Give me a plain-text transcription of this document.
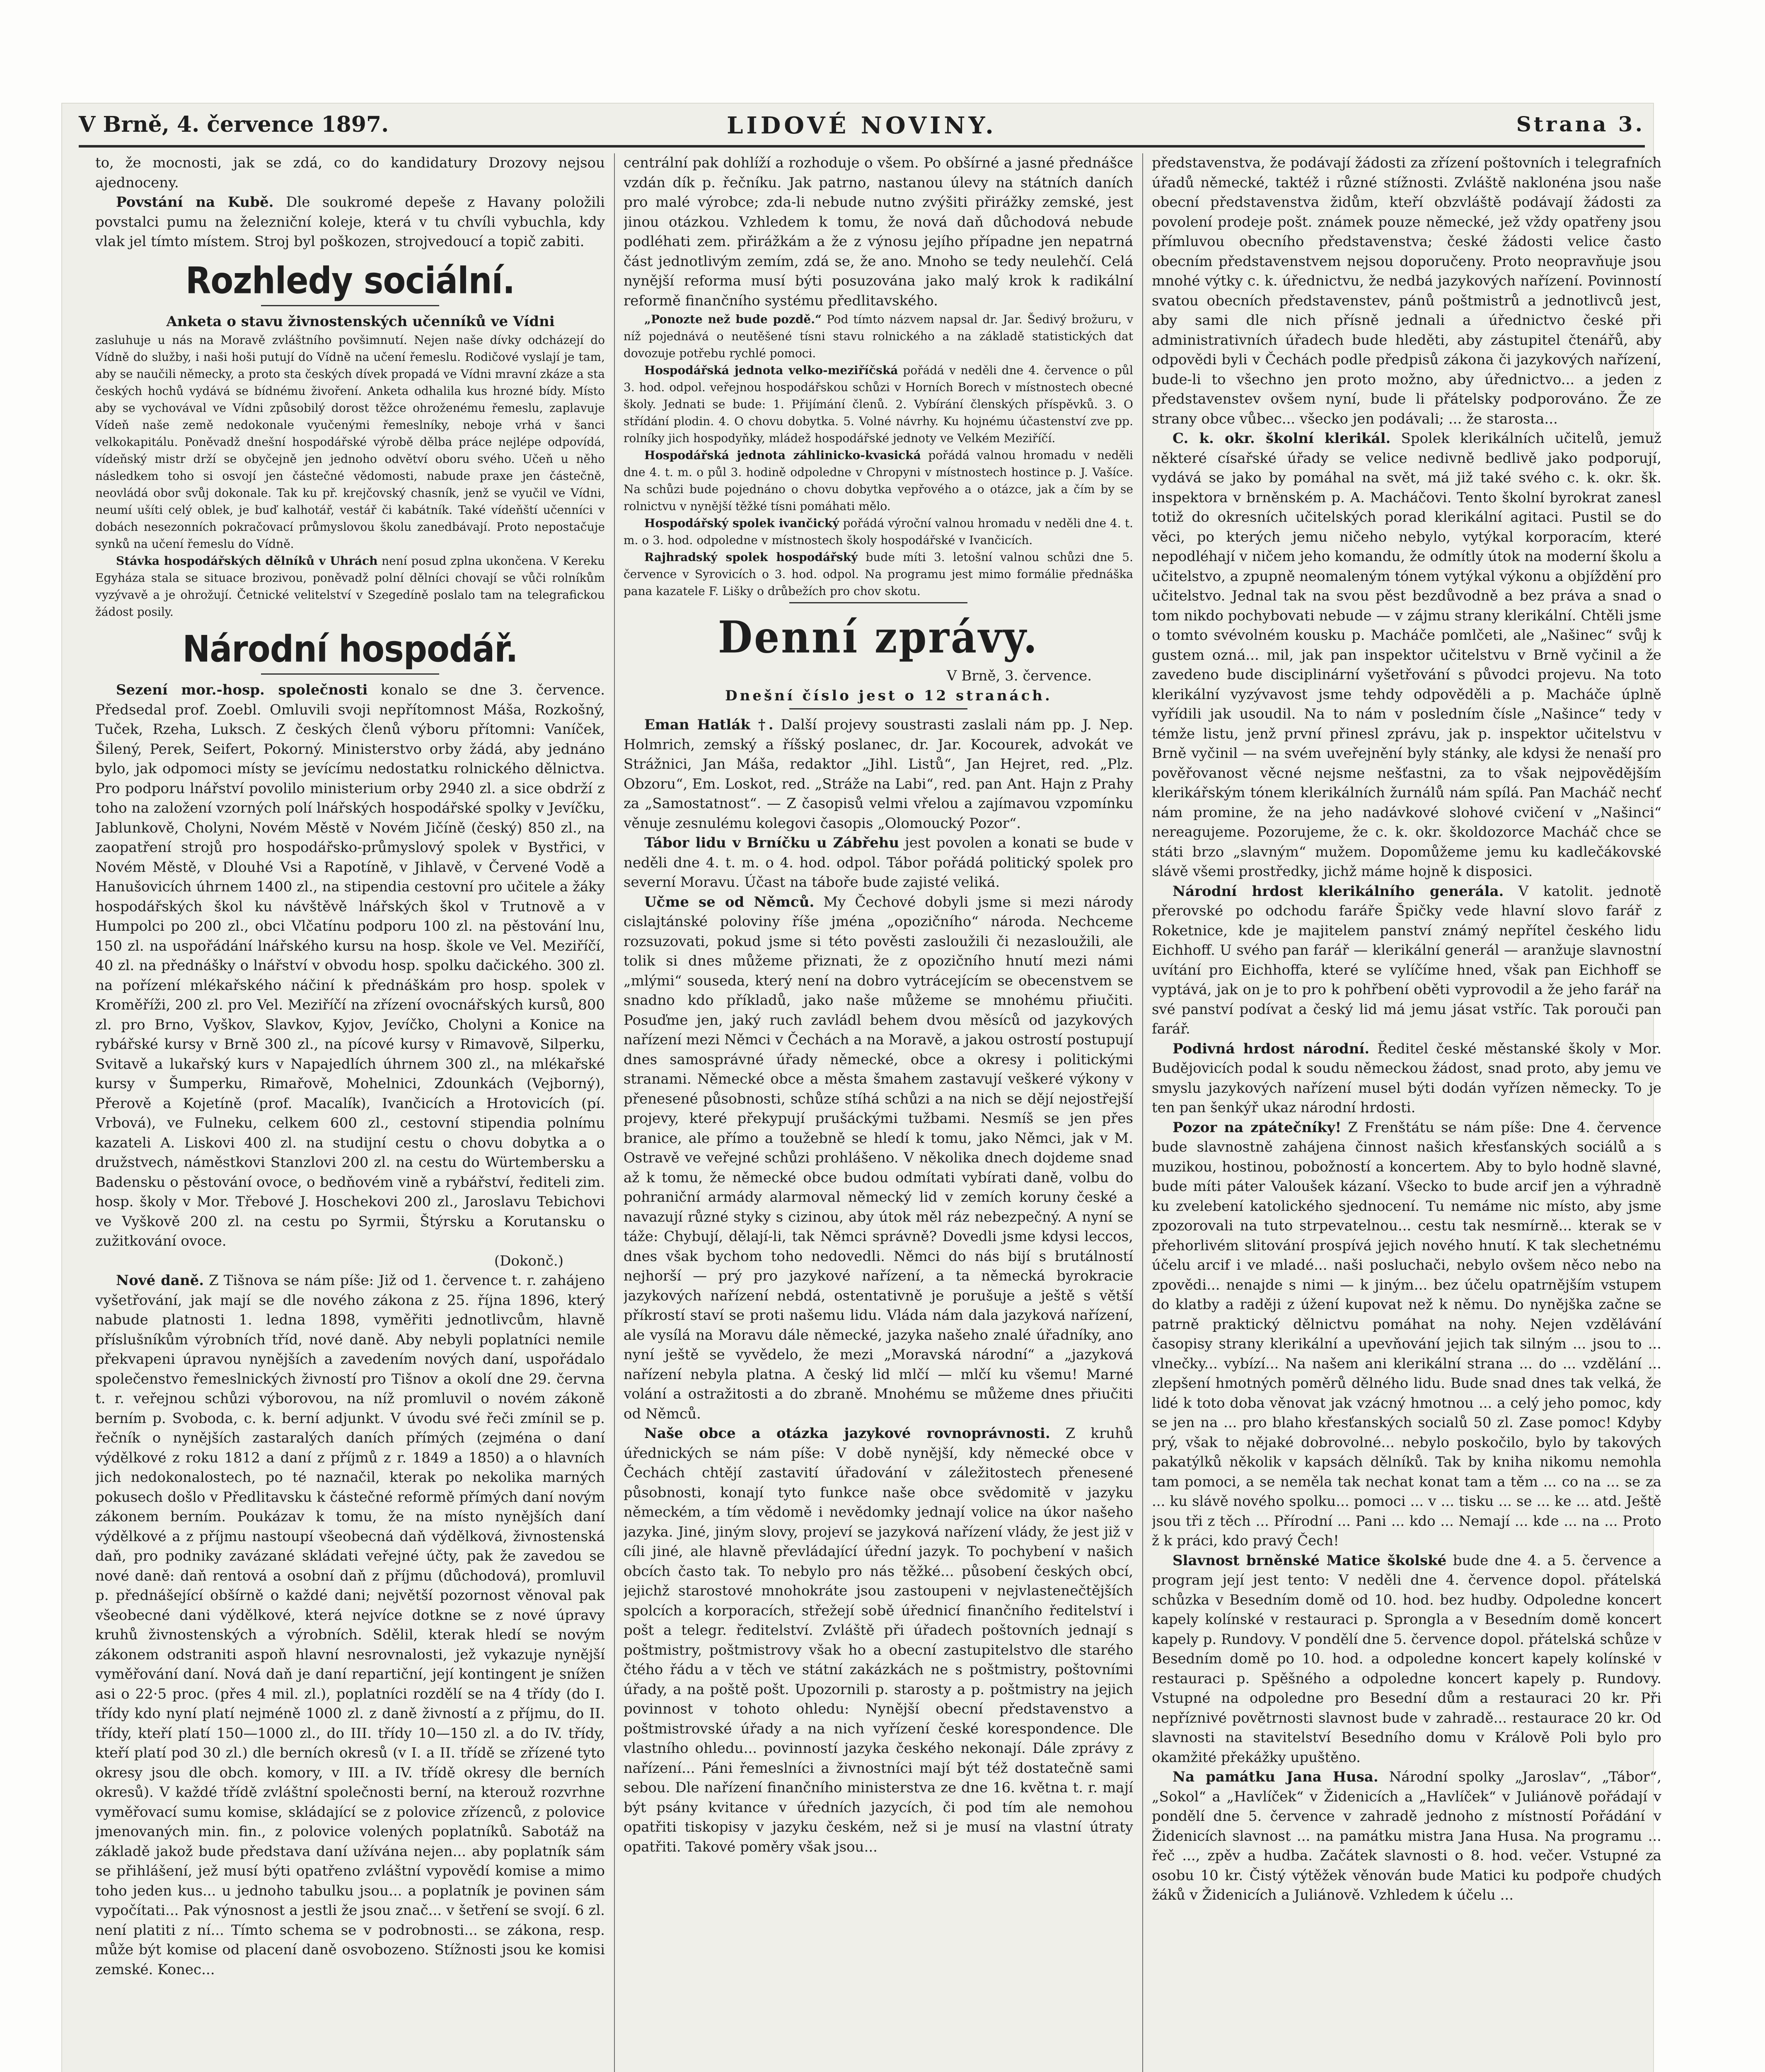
V Brně, 4. července 1897.	LIDOVÉ NOVINY.	Strana 3.

to, že mocnosti, jak se zdá, co do kandidatury Drozovy nejsou ajednoceny.

Povstání na Kubě. Dle soukromé depeše z Havany položili povstalci pumu na železniční koleje, která v tu chvíli vybuchla, kdy vlak jel tímto místem. Stroj byl poškozen, strojvedoucí a topič zabiti.

Rozhledy sociální.

Anketa o stavu živnostenských učenníků ve Vídni

zasluhuje u nás na Moravě zvláštního povšimnutí. Nejen naše dívky odcházejí do Vídně do služby, i naši hoši putují do Vídně na učení řemeslu. Rodičové vyslají je tam, aby se naučili německy, a proto sta českých dívek propadá ve Vídni mravní zkáze a sta českých hochů vydává se bídnému živoření. Anketa odhalila kus hrozné bídy. Místo aby se vychovával ve Vídni způsobilý dorost těžce ohroženému řemeslu, zaplavuje Vídeň naše země nedokonale vyučenými řemeslníky, neboje vrhá v šanci velkokapitálu. Poněvadž dnešní hospodářské výrobě dělba práce nejlépe odpovídá, vídeňský mistr drží se obyčejně jen jednoho odvětví oboru svého. Učeň u něho následkem toho si osvojí jen částečné vědomosti, nabude praxe jen částečně, neovládá obor svůj dokonale. Tak ku př. krejčovský chasník, jenž se vyučil ve Vídni, neumí ušíti celý oblek, je buď kalhotář, vestář či kabátník. Také vídeňští učenníci v dobách nesezonních pokračovací průmyslovou školu zanedbávají. Proto nepostačuje synků na učení řemeslu do Vídně.

Stávka hospodářských dělníků v Uhrách není posud zplna ukončena. V Kereku Egyháza stala se situace brozivou, poněvadž polní dělníci chovají se vůči rolníkům vyzývavě a je ohrožují. Četnické velitelství v Szegedíně poslalo tam na telegrafickou žádost posily.

Národní hospodář.

Sezení mor.-hosp. společnosti konalo se dne 3. července. Předsedal prof. Zoebl. Omluvili svoji nepřítomnost Máša, Rozkošný, Tuček, Rzeha, Luksch. Z českých členů výboru přítomni: Vaníček, Šilený, Perek, Seifert, Pokorný. Ministerstvo orby žádá, aby jednáno bylo, jak odpomoci místy se jevícímu nedostatku rolnického dělnictva. Pro podporu lnářství povolilo ministerium orby 2940 zl. a sice obdrží z toho na založení vzorných polí lnářských hospodářské spolky v Jevíčku, Jablunkově, Cholyni, Novém Městě v Novém Jičíně (český) 850 zl., na zaopatření strojů pro hospodářsko-průmyslový spolek v Bystřici, v Novém Městě, v Dlouhé Vsi a Rapotíně, v Jihlavě, v Červené Vodě a Hanušovicích úhrnem 1400 zl., na stipendia cestovní pro učitele a žáky hospodářských škol ku návštěvě lnářských škol v Trutnově a v Humpolci po 200 zl., obci Vlčatínu podporu 100 zl. na pěstování lnu, 150 zl. na uspořádání lnářského kursu na hosp. škole ve Vel. Meziříčí, 40 zl. na přednášky o lnářství v obvodu hosp. spolku dačického. 300 zl. na pořízení mlékařského náčiní k přednáškám pro hosp. spolek v Kroměříži, 200 zl. pro Vel. Meziříčí na zřízení ovocnářských kursů, 800 zl. pro Brno, Vyškov, Slavkov, Kyjov, Jevíčko, Cholyni a Konice na rybářské kursy v Brně 300 zl., na pícové kursy v Rimavově, Silperku, Svitavě a lukařský kurs v Napajedlích úhrnem 300 zl., na mlékařské kursy v Šumperku, Rimařově, Mohelnici, Zdounkách (Vejborný), Přerově a Kojetíně (prof. Macalík), Ivančicích a Hrotovicích (pí. Vrbová), ve Fulneku, celkem 600 zl., cestovní stipendia polnímu kazateli A. Liskovi 400 zl. na studijní cestu o chovu dobytka a o družstvech, náměstkovi Stanzlovi 200 zl. na cestu do Würtembersku a Badensku o pěstování ovoce, o bedňovém vině a rybářství, řediteli zim. hosp. školy v Mor. Třebové J. Hoschekovi 200 zl., Jaroslavu Tebichovi ve Vyškově 200 zl. na cestu po Syrmii, Štýrsku a Korutansku o zužitkování ovoce.

(Dokonč.)

Nové daně. Z Tišnova se nám píše: Již od 1. července t. r. zahájeno vyšetřování, jak mají se dle nového zákona z 25. října 1896, který nabude platnosti 1. ledna 1898, vyměřiti jednotlivcům, hlavně příslušníkům výrobních tříd, nové daně. Aby nebyli poplatníci nemile překvapeni úpravou nynějších a zavedením nových daní, uspořádalo společenstvo řemeslnických živností pro Tišnov a okolí dne 29. června t. r. veřejnou schůzi výborovou, na níž promluvil o novém zákoně berním p. Svoboda, c. k. berní adjunkt. V úvodu své řeči zmínil se p. řečník o nynějších zastaralých daních přímých (zejména o daní výdělkové z roku 1812 a daní z příjmů z r. 1849 a 1850) a o hlavních jich nedokonalostech, po té naznačil, kterak po nekolika marných pokusech došlo v Předlitavsku k částečné reformě přímých daní novým zákonem berním. Poukázav k tomu, že na místo nynějších daní výdělkové a z příjmu nastoupí všeobecná daň výdělková, živnostenská daň, pro podniky zavázané skládati veřejné účty, pak že zavedou se nové daně: daň rentová a osobní daň z příjmu (důchodová), promluvil p. přednášející obšírně o každé dani; největší pozornost věnoval pak všeobecné dani výdělkové, která nejvíce dotkne se z nové úpravy kruhů živnostenských a výrobních. Sdělil, kterak hledí se novým zákonem odstraniti aspoň hlavní nesrovnalosti, jež vykazuje nynější vyměřování daní. Nová daň je daní repartiční, její kontingent je snížen asi o 22·5 proc. (přes 4 mil. zl.), poplatníci rozdělí se na 4 třídy (do I. třídy kdo nyní platí nejméně 1000 zl. z daně živností a z příjmu, do II. třídy, kteří platí 150—1000 zl., do III. třídy 10—150 zl. a do IV. třídy, kteří platí pod 30 zl.) dle berních okresů (v I. a II. třídě se zřízené tyto okresy jsou dle obch. komory, v III. a IV. třídě okresy dle berních okresů). V každé třídě zvláštní společnosti berní, na kterouž rozvrhne vyměřovací sumu komise, skládající se z polovice zřízenců, z polovice jmenovaných min. fin., z polovice volených poplatníků. Sabotáž na základě jakož bude představa daní užívána nejen... aby poplatník sám se přihlášení, jež musí býti opatřeno zvláštní vypovědí komise a mimo toho jeden kus... u jednoho tabulku jsou... a poplatník je povinen sám vypočítati... Pak výnosnost a jestli že jsou znač... v šetření se svojí. 6 zl. není platiti z ní... Tímto schema se v podrobnosti... se zákona, resp. může být komise od placení daně osvobozeno. Stížnosti jsou ke komisi zemské. Konec...

centrální pak dohlíží a rozhoduje o všem. Po obšírné a jasné přednášce vzdán dík p. řečníku. Jak patrno, nastanou úlevy na státních daních pro malé výrobce; zda-li nebude nutno zvýšiti přirážky zemské, jest jinou otázkou. Vzhledem k tomu, že nová daň důchodová nebude podléhati zem. přirážkám a že z výnosu jejího případne jen nepatrná část jednotlivým zemím, zdá se, že ano. Mnoho se tedy neulehčí. Celá nynější reforma musí býti posuzována jako malý krok k radikální reformě finančního systému předlitavského.

„Ponozte než bude pozdě.“ Pod tímto názvem napsal dr. Jar. Šedivý brožuru, v níž pojednává o neutěšené tísni stavu rolnického a na základě statistických dat dovozuje potřebu rychlé pomoci.

Hospodářská jednota velko-meziříčská pořádá v neděli dne 4. července o půl 3. hod. odpol. veřejnou hospodářskou schůzi v Horních Borech v místnostech obecné školy. Jednati se bude: 1. Přijímání členů. 2. Vybírání členských příspěvků. 3. O střídání plodin. 4. O chovu dobytka. 5. Volné návrhy. Ku hojnému účastenství zve pp. rolníky jich hospodyňky, mládež hospodářské jednoty ve Velkém Meziříčí.

Hospodářská jednota záhlinicko-kvasická pořádá valnou hromadu v neděli dne 4. t. m. o půl 3. hodině odpoledne v Chropyni v místnostech hostince p. J. Vašíce. Na schůzi bude pojednáno o chovu dobytka vepřového a o otázce, jak a čím by se rolnictvu v nynější těžké tísni pomáhati mělo.

Hospodářský spolek ivančický pořádá výroční valnou hromadu v neděli dne 4. t. m. o 3. hod. odpoledne v místnostech školy hospodářské v Ivančicích.

Rajhradský spolek hospodářský bude míti 3. letošní valnou schůzi dne 5. července v Syrovicích o 3. hod. odpol. Na programu jest mimo formálie přednáška pana kazatele F. Lišky o drůbežích pro chov skotu.

Denní zprávy.

V Brně, 3. července.

Dnešní číslo jest o 12 stranách.

Eman Hatlák †. Další projevy soustrasti zaslali nám pp. J. Nep. Holmrich, zemský a říšský poslanec, dr. Jar. Kocourek, advokát ve Strážnici, Jan Máša, redaktor „Jihl. Listů“, Jan Hejret, red. „Plz. Obzoru“, Em. Loskot, red. „Stráže na Labi“, red. pan Ant. Hajn z Prahy za „Samostatnost“. — Z časopisů velmi vřelou a zajímavou vzpomínku věnuje zesnulému kolegovi časopis „Olomoucký Pozor“.

Tábor lidu v Brníčku u Zábřehu jest povolen a konati se bude v neděli dne 4. t. m. o 4. hod. odpol. Tábor pořádá politický spolek pro severní Moravu. Účast na táboře bude zajisté veliká.

Učme se od Němců. My Čechové dobyli jsme si mezi národy cislajtánské poloviny říše jména „opozičního“ národa. Nechceme rozsuzovati, pokud jsme si této pověsti zasloužili či nezasloužili, ale tolik si dnes můžeme přiznati, že z opozičního hnutí mezi námi „mlými“ souseda, který není na dobro vytrácejícím se obecenstvem se snadno kdo příkladů, jako naše můžeme se mnohému přiučiti. Posuďme jen, jaký ruch zavládl behem dvou měsíců od jazykových nařízení mezi Němci v Čechách a na Moravě, a jakou ostrostí postupují dnes samosprávné úřady německé, obce a okresy i politickými stranami. Německé obce a města šmahem zastavují veškeré výkony v přenesené působnosti, schůze stíhá schůzi a na nich se dějí nejostřejší projevy, které překypují prušáckými tužbami. Nesmíš se jen přes branice, ale přímo a toužebně se hledí k tomu, jako Němci, jak v M. Ostravě ve veřejné schůzi prohlášeno. V několika dnech dojdeme snad až k tomu, že německé obce budou odmítati vybírati daně, volbu do pohraniční armády alarmoval německý lid v zemích koruny české a navazují různé styky s cizinou, aby útok měl ráz nebezpečný. A nyní se táže: Chybují, dělají-li, tak Němci správně? Dovedli jsme kdysi leccos, dnes však bychom toho nedovedli. Němci do nás bijí s brutálností nejhorší — prý pro jazykové nařízení, a ta německá byrokracie jazykových nařízení nebdá, ostentativně je porušuje a ještě s větší příkrostí staví se proti našemu lidu. Vláda nám dala jazyková nařízení, ale vysílá na Moravu dále německé, jazyka našeho znalé úřadníky, ano nyní ještě se vyvědelo, že mezi „Moravská národní“ a „jazyková nařízení nebyla platna. A český lid mlčí — mlčí ku všemu! Marné volání a ostražitosti a do zbraně. Mnohému se můžeme dnes přiučiti od Němců.

Naše obce a otázka jazykové rovnoprávnosti. Z kruhů úřednických se nám píše: V době nynější, kdy německé obce v Čechách chtějí zastavití úřadování v záležitostech přenesené působnosti, konají tyto funkce naše obce svědomitě v jazyku německém, a tím vědomě i nevědomky jednají volice na úkor našeho jazyka. Jiné, jiným slovy, projeví se jazyková nařízení vlády, že jest již v cíli jiné, ale hlavně převládající úřední jazyk. To pochybení v našich obcích často tak. To nebylo pro nás těžké... působení českých obcí, jejichž starostové mnohokráte jsou zastoupeni v nejvlastenečtějších spolcích a korporacích, střežejí sobě úřednicí finančního ředitelství i pošt a telegr. ředitelství. Zvláště při úřadech poštovních jednají s poštmistry, poštmistrovy však ho a obecní zastupitelstvo dle starého čtého řádu a v těch ve státní zakázkách ne s poštmistry, poštovními úřady, a na poště pošt. Upozornili p. starosty a p. poštmistry na jejich povinnost v tohoto ohledu: Nynější obecní představenstvo a poštmistrovské úřady a na nich vyřízení české korespondence. Dle vlastního ohledu... povinností jazyka českého nekonají. Dále zprávy z nařízení... Páni řemeslníci a živnostníci mají být též dostatečně sami sebou. Dle nařízení finančního ministerstva ze dne 16. května t. r. mají být psány kvitance v úředních jazycích, či pod tím ale nemohou opatřiti tiskopisy v jazyku českém, než si je musí na vlastní útraty opatřiti. Takové poměry však jsou...

představenstva, že podávají žádosti za zřízení poštovních i telegrafních úřadů německé, taktéž i různé stížnosti. Zvláště naklonéna jsou naše obecní představenstva židům, kteří obzvláště podávají žádosti za povolení prodeje pošt. známek pouze německé, jež vždy opatřeny jsou přímluvou obecního představenstva; české žádosti velice často obecním představenstvem nejsou doporučeny. Proto neopravňuje jsou mnohé výtky c. k. úřednictvu, že nedbá jazykových nařízení. Povinností svatou obecních představenstev, pánů poštmistrů a jednotlivců jest, aby sami dle nich přísně jednali a úřednictvo české při administrativních úřadech bude hleděti, aby zástupitel čtenářů, aby odpovědi byli v Čechách podle předpisů zákona či jazykových nařízení, bude-li to všechno jen proto možno, aby úřednictvo... a jeden z představenstev ovšem nyní, bude li přátelsky podporováno. Že ze strany obce vůbec... všecko jen podávali; ... že starosta...

C. k. okr. školní klerikál. Spolek klerikálních učitelů, jemuž některé císařské úřady se velice nedivně bedlivě jako podporují, vydává se jako by pomáhal na svět, má již také svého c. k. okr. šk. inspektora v brněnském p. A. Macháčovi. Tento školní byrokrat zanesl totiž do okresních učitelských porad klerikální agitaci. Pustil se do věci, po kterých jemu ničeho nebylo, vytýkal korporacím, které nepodléhají v ničem jeho komandu, že odmítly útok na moderní školu a učitelstvo, a zpupně neomaleným tónem vytýkal výkonu a objíždění pro učitelstvo. Jednal tak na svou pěst bezdůvodně a bez práva a snad o tom nikdo pochybovati nebude — v zájmu strany klerikální. Chtěli jsme o tomto svévolném kousku p. Macháče pomlčeti, ale „Našinec“ svůj k gustem ozná... mil, jak pan inspektor učitelstvu v Brně vyčinil a že zavedeno bude disciplinární vyšetřování s původci projevu. Na toto klerikální vyzývavost jsme tehdy odpověděli a p. Macháče úplně vyřídili jak usoudil. Na to nám v posledním čísle „Našince“ tedy v témže listu, jenž první přinesl zprávu, jak p. inspektor učitelstvu v Brně vyčinil — na svém uveřejnění byly stánky, ale kdysi že nenaší pro pověřovanost věcné nejsme nešťastni, za to však nejpovědějším klerikářským tónem klerikálních žurnálů nám spílá. Pan Macháč nechť nám promine, že na jeho nadávkové slohové cvičení v „Našinci“ nereagujeme. Pozorujeme, že c. k. okr. školdozorce Macháč chce se státi brzo „slavným“ mužem. Dopomůžeme jemu ku kadlečákovské slávě všemi prostředky, jichž máme hojně k disposici.

Národní hrdost klerikálního generála. V katolit. jednotě přerovské po odchodu faráře Špičky vede hlavní slovo farář z Roketnice, kde je majitelem panství známý nepřítel českého lidu Eichhoff. U svého pan farář — klerikální generál — aranžuje slavnostní uvítání pro Eichhoffa, které se vylíčíme hned, však pan Eichhoff se vyptává, jak on je to pro k pohřbení oběti vyprovodil a že jeho farář na své panství podívat a český lid má jemu jásat vstříc. Tak porouči pan farář.

Podivná hrdost národní. Ředitel české městanské školy v Mor. Budějovicích podal k soudu německou žádost, snad proto, aby jemu ve smyslu jazykových nařízení musel býti dodán vyřízen německy. To je ten pan šenkýř ukaz národní hrdosti.

Pozor na zpátečníky! Z Frenštátu se nám píše: Dne 4. července bude slavnostně zahájena činnost našich křesťanských sociálů a s muzikou, hostinou, pobožností a koncertem. Aby to bylo hodně slavné, bude míti páter Valoušek kázaní. Všecko to bude arcif jen a výhradně ku zvelebení katolického sjednocení. Tu nemáme nic místo, aby jsme zpozorovali na tuto strpevatelnou... cestu tak nesmírně... kterak se v přehorlivém slitování prospívá jejich nového hnutí. K tak slechetnému účelu arcif i ve mladé... naši posluchači, nebylo ovšem něco nebo na zpovědi... nenajde s nimi — k jiným... bez účelu opatrnějším vstupem do klatby a raději z úžení kupovat než k němu. Do nynějška začne se patrně praktický dělnictvu pomáhat na nohy. Nejen vzdělávání časopisy strany klerikální a upevňování jejich tak silným ... jsou to ... vlnečky... vybízí... Na našem ani klerikální strana ... do ... vzdělání ... zlepšení hmotných poměrů dělného lidu. Bude snad dnes tak velká, že lidé k toto doba věnovat jak vzácný hmotnou ... a celý jeho pomoc, kdy se jen na ... pro blaho křesťanských socialů 50 zl. Zase pomoc! Kdyby prý, však to nějaké dobrovolné... nebylo poskočilo, bylo by takových pakatýlků několik v kapsách dělníků. Tak by kniha nikomu nemohla tam pomoci, a se neměla tak nechat konat tam a těm ... co na ... se za ... ku slávě nového spolku... pomoci ... v ... tisku ... se ... ke ... atd. Ještě jsou tři z těch ... Přírodní ... Pani ... kdo ... Nemají ... kde ... na ... Proto ž k práci, kdo pravý Čech!

Slavnost brněnské Matice školské bude dne 4. a 5. července a program její jest tento: V neděli dne 4. července dopol. přátelská schůzka v Besedním domě od 10. hod. bez hudby. Odpoledne koncert kapely kolínské v restauraci p. Sprongla a v Besedním domě koncert kapely p. Rundovy. V pondělí dne 5. července dopol. přátelská schůze v Besedním domě po 10. hod. a odpoledne koncert kapely kolínské v restauraci p. Spěšného a odpoledne koncert kapely p. Rundovy. Vstupné na odpoledne pro Besední dům a restauraci 20 kr. Při nepříznivé povětrnosti slavnost bude v zahradě... restaurace 20 kr. Od slavnosti na stavitelství Besedního domu v Králově Poli bylo pro okamžité překážky upuštěno.

Na památku Jana Husa. Národní spolky „Jaroslav“, „Tábor“, „Sokol“ a „Havlíček“ v Židenicích a „Havlíček“ v Juliánově pořádají v pondělí dne 5. července v zahradě jednoho z místností Pořádání v Židenicích slavnost ... na památku mistra Jana Husa. Na programu ... řeč ..., zpěv a hudba. Začátek slavnosti o 8. hod. večer. Vstupné za osobu 10 kr. Čistý výtěžek věnován bude Matici ku podpoře chudých žáků v Židenicích a Juliánově. Vzhledem k účelu ...
